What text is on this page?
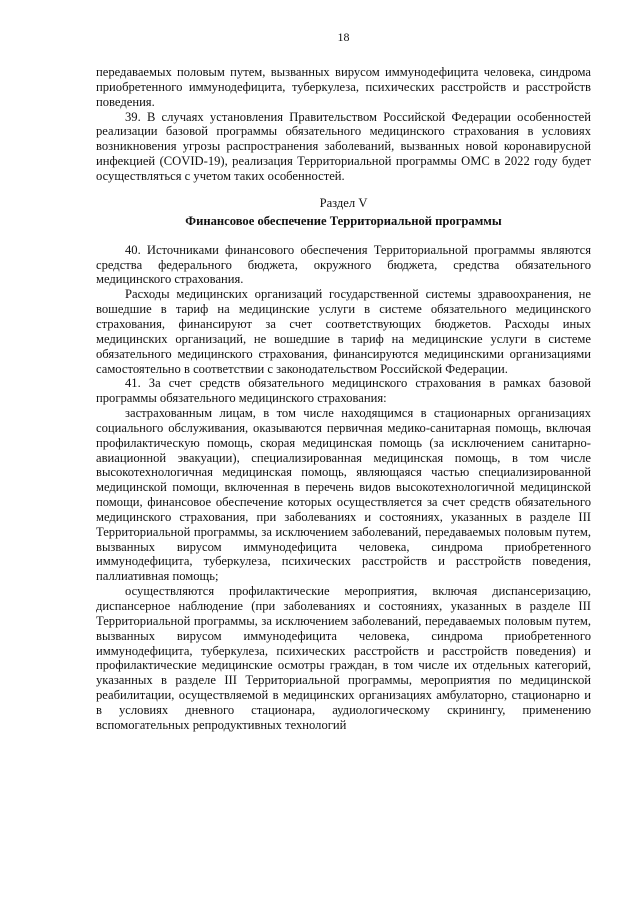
18

передаваемых половым путем, вызванных вирусом иммунодефицита человека, синдрома приобретенного иммунодефицита, туберкулеза, психических расстройств и расстройств поведения.

39. В случаях установления Правительством Российской Федерации особенностей реализации базовой программы обязательного медицинского страхования в условиях возникновения угрозы распространения заболеваний, вызванных новой коронавирусной инфекцией (COVID-19), реализация Территориальной программы ОМС в 2022 году будет осуществляться с учетом таких особенностей.

Раздел V
Финансовое обеспечение Территориальной программы

40. Источниками финансового обеспечения Территориальной программы являются средства федерального бюджета, окружного бюджета, средства обязательного медицинского страхования.

Расходы медицинских организаций государственной системы здравоохранения, не вошедшие в тариф на медицинские услуги в системе обязательного медицинского страхования, финансируют за счет соответствующих бюджетов. Расходы иных медицинских организаций, не вошедшие в тариф на медицинские услуги в системе обязательного медицинского страхования, финансируются медицинскими организациями самостоятельно в соответствии с законодательством Российской Федерации.

41. За счет средств обязательного медицинского страхования в рамках базовой программы обязательного медицинского страхования:

застрахованным лицам, в том числе находящимся в стационарных организациях социального обслуживания, оказываются первичная медико-санитарная помощь, включая профилактическую помощь, скорая медицинская помощь (за исключением санитарно-авиационной эвакуации), специализированная медицинская помощь, в том числе высокотехнологичная медицинская помощь, являющаяся частью специализированной медицинской помощи, включенная в перечень видов высокотехнологичной медицинской помощи, финансовое обеспечение которых осуществляется за счет средств обязательного медицинского страхования, при заболеваниях и состояниях, указанных в разделе III Территориальной программы, за исключением заболеваний, передаваемых половым путем, вызванных вирусом иммунодефицита человека, синдрома приобретенного иммунодефицита, туберкулеза, психических расстройств и расстройств поведения, паллиативная помощь;

осуществляются профилактические мероприятия, включая диспансеризацию, диспансерное наблюдение (при заболеваниях и состояниях, указанных в разделе III Территориальной программы, за исключением заболеваний, передаваемых половым путем, вызванных вирусом иммунодефицита человека, синдрома приобретенного иммунодефицита, туберкулеза, психических расстройств и расстройств поведения) и профилактические медицинские осмотры граждан, в том числе их отдельных категорий, указанных в разделе III Территориальной программы, мероприятия по медицинской реабилитации, осуществляемой в медицинских организациях амбулаторно, стационарно и в условиях дневного стационара, аудиологическому скринингу, применению вспомогательных репродуктивных технологий
